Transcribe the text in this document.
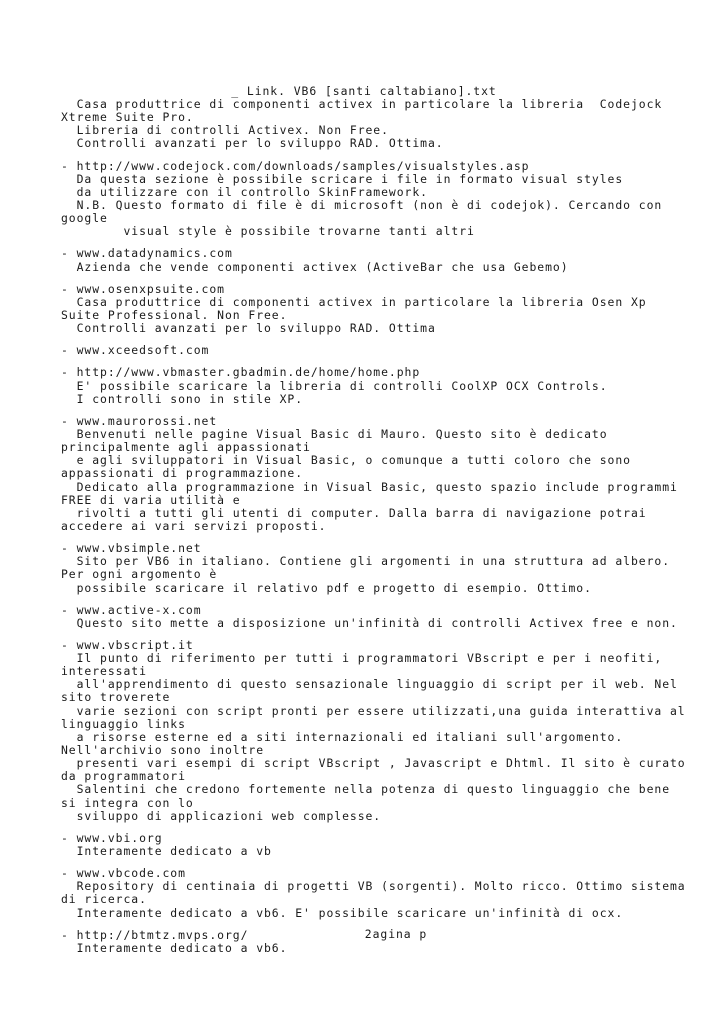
_ Link. VB6 [santi caltabiano].txt
Casa produttrice di componenti activex in particolare la libreria  Codejock
Xtreme Suite Pro.
Libreria di controlli Activex. Non Free.
Controlli avanzati per lo sviluppo RAD. Ottima.
- http://www.codejock.com/downloads/samples/visualstyles.asp
Da questa sezione è possibile scricare i file in formato visual styles
da utilizzare con il controllo SkinFramework.
N.B. Questo formato di file è di microsoft (non è di codejok). Cercando con
google
visual style è possibile trovarne tanti altri
- www.datadynamics.com
Azienda che vende componenti activex (ActiveBar che usa Gebemo)
- www.osenxpsuite.com
Casa produttrice di componenti activex in particolare la libreria Osen Xp
Suite Professional. Non Free.
Controlli avanzati per lo sviluppo RAD. Ottima
- www.xceedsoft.com
- http://www.vbmaster.gbadmin.de/home/home.php
E' possibile scaricare la libreria di controlli CoolXP OCX Controls.
I controlli sono in stile XP.
- www.maurorossi.net
Benvenuti nelle pagine Visual Basic di Mauro. Questo sito è dedicato
principalmente agli appassionati
e agli sviluppatori in Visual Basic, o comunque a tutti coloro che sono
appassionati di programmazione.
Dedicato alla programmazione in Visual Basic, questo spazio include programmi
FREE di varia utilità e
rivolti a tutti gli utenti di computer. Dalla barra di navigazione potrai
accedere ai vari servizi proposti.
- www.vbsimple.net
Sito per VB6 in italiano. Contiene gli argomenti in una struttura ad albero.
Per ogni argomento è
possibile scaricare il relativo pdf e progetto di esempio. Ottimo.
- www.active-x.com
Questo sito mette a disposizione un'infinità di controlli Activex free e non.
- www.vbscript.it
Il punto di riferimento per tutti i programmatori VBscript e per i neofiti,
interessati
all'apprendimento di questo sensazionale linguaggio di script per il web. Nel
sito troverete
varie sezioni con script pronti per essere utilizzati,una guida interattiva al
linguaggio links
a risorse esterne ed a siti internazionali ed italiani sull'argomento.
Nell'archivio sono inoltre
presenti vari esempi di script VBscript , Javascript e Dhtml. Il sito è curato
da programmatori
Salentini che credono fortemente nella potenza di questo linguaggio che bene
si integra con lo
sviluppo di applicazioni web complesse.
- www.vbi.org
Interamente dedicato a vb
- www.vbcode.com
Repository di centinaia di progetti VB (sorgenti). Molto ricco. Ottimo sistema
di ricerca.
Interamente dedicato a vb6. E' possibile scaricare un'infinità di ocx.
- http://btmtz.mvps.org/
Interamente dedicato a vb6.
2agina p
